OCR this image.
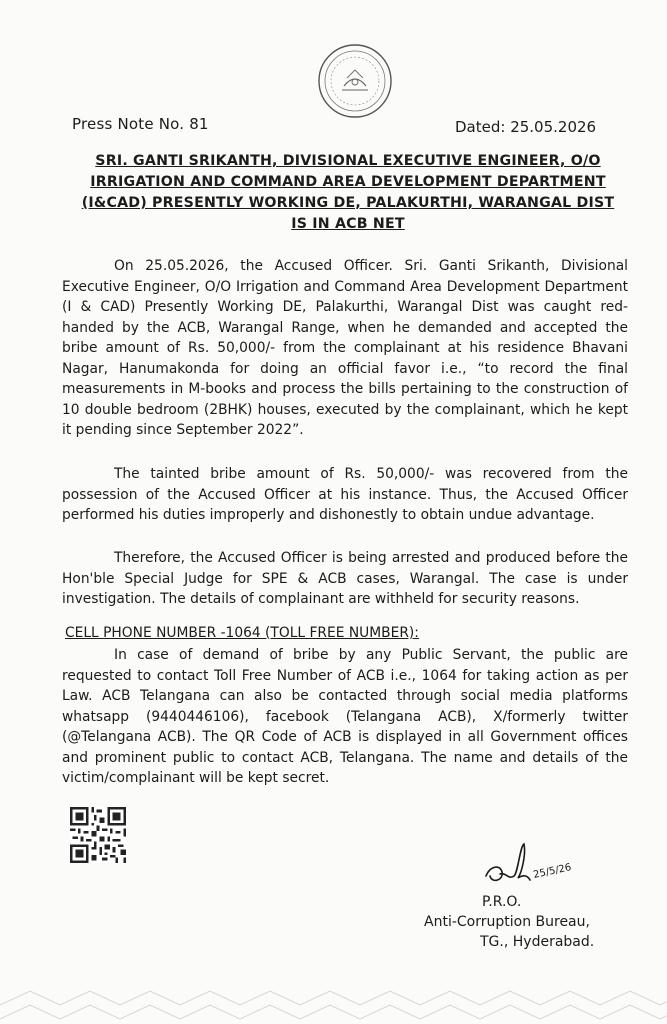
Press Note No. 81	Dated: 25.05.2026
SRI. GANTI SRIKANTH, DIVISIONAL EXECUTIVE ENGINEER, O/O
IRRIGATION AND COMMAND AREA DEVELOPMENT DEPARTMENT
(I&CAD) PRESENTLY WORKING DE, PALAKURTHI, WARANGAL DIST
IS IN ACB NET
On 25.05.2026, the Accused Officer. Sri. Ganti Srikanth, Divisional Executive Engineer, O/O Irrigation and Command Area Development Department (I & CAD) Presently Working DE, Palakurthi, Warangal Dist was caught red-handed by the ACB, Warangal Range, when he demanded and accepted the bribe amount of Rs. 50,000/- from the complainant at his residence Bhavani Nagar, Hanumakonda for doing an official favor i.e., “to record the final measurements in M-books and process the bills pertaining to the construction of 10 double bedroom (2BHK) houses, executed by the complainant, which he kept it pending since September 2022”.
The tainted bribe amount of Rs. 50,000/- was recovered from the possession of the Accused Officer at his instance. Thus, the Accused Officer performed his duties improperly and dishonestly to obtain undue advantage.
Therefore, the Accused Officer is being arrested and produced before the Hon'ble Special Judge for SPE & ACB cases, Warangal. The case is under investigation. The details of complainant are withheld for security reasons.
CELL PHONE NUMBER -1064 (TOLL FREE NUMBER):
In case of demand of bribe by any Public Servant, the public are requested to contact Toll Free Number of ACB i.e., 1064 for taking action as per Law. ACB Telangana can also be contacted through social media platforms whatsapp (9440446106), facebook (Telangana ACB), X/formerly twitter (@Telangana ACB). The QR Code of ACB is displayed in all Government offices and prominent public to contact ACB, Telangana. The name and details of the victim/complainant will be kept secret.
25/5/26
P.R.O.
Anti-Corruption Bureau,
TG., Hyderabad.
